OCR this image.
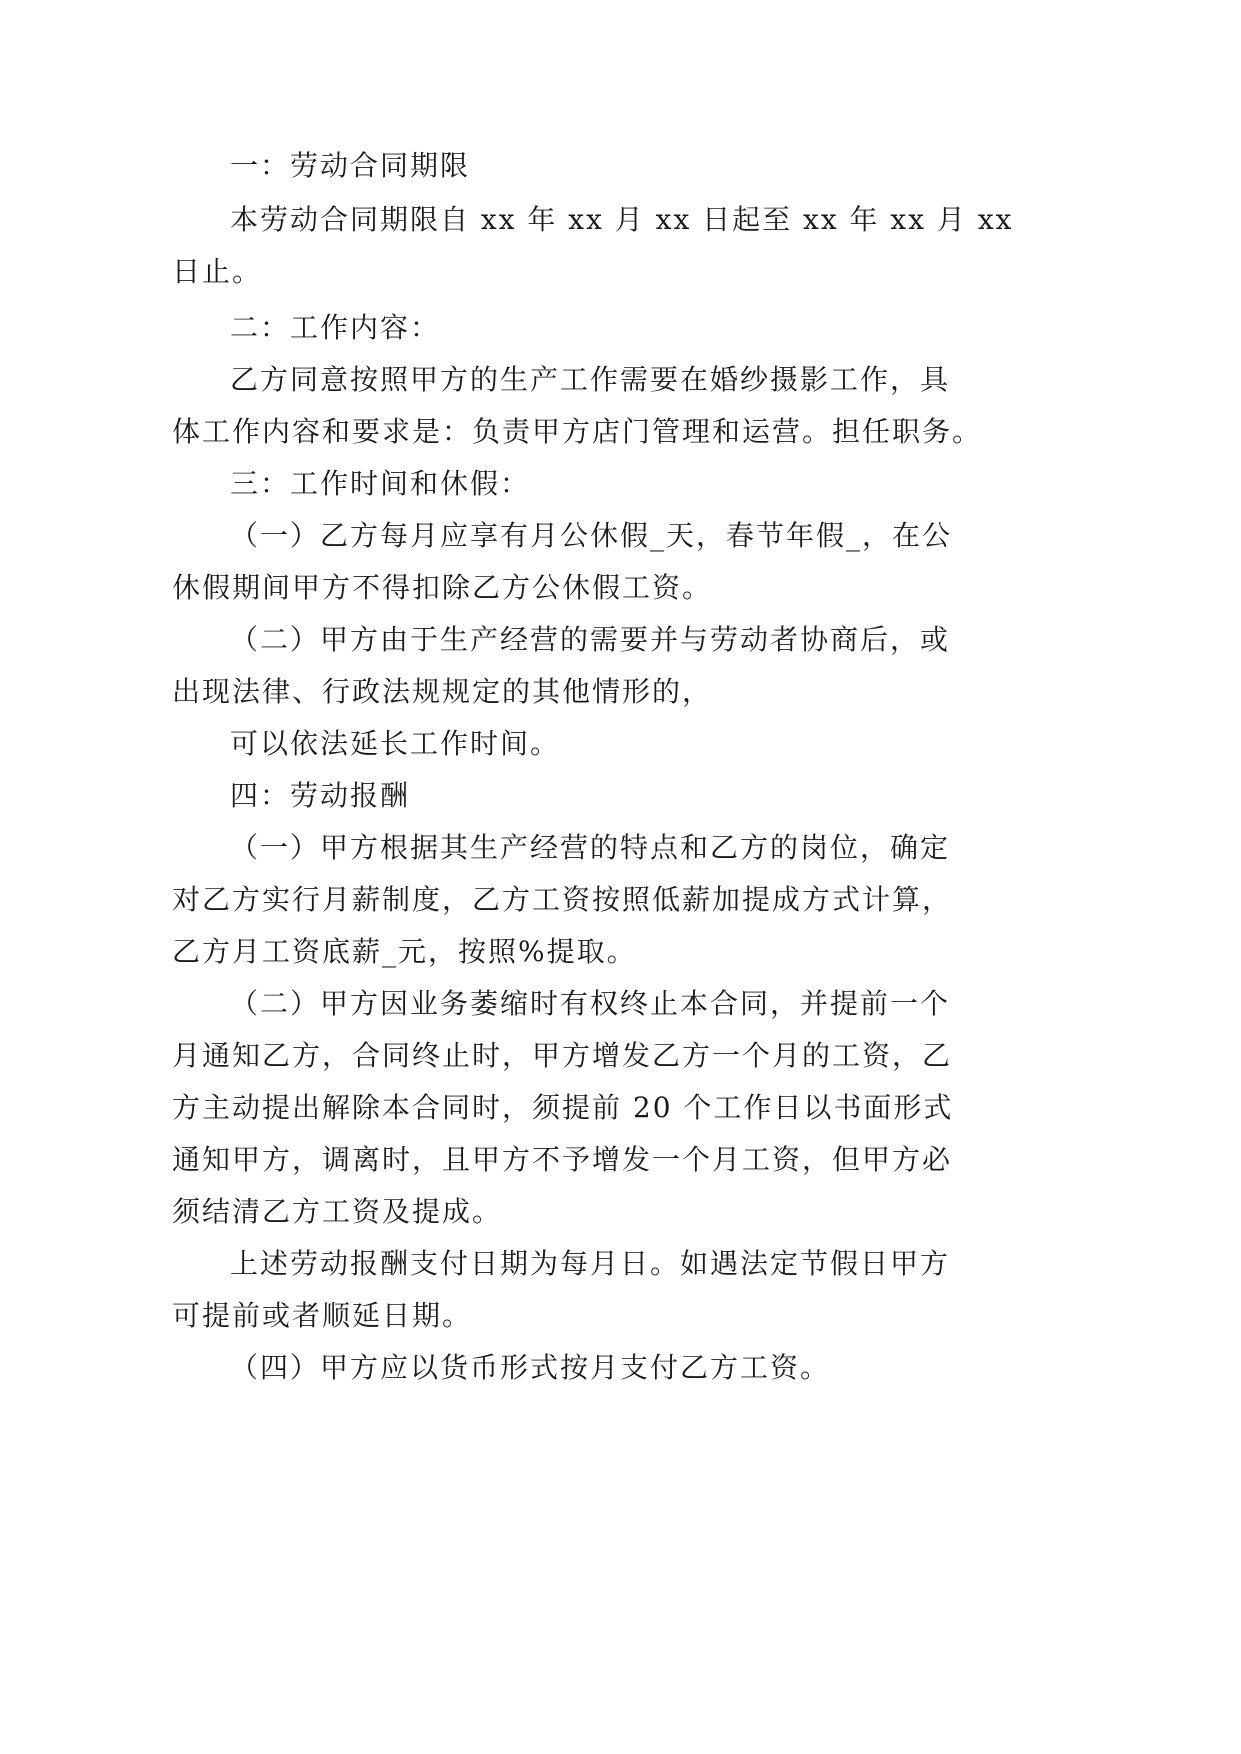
一：劳动合同期限
本劳动合同期限自 xx 年 xx 月 xx 日起至 xx 年 xx 月 xx
日止。
二：工作内容：
乙方同意按照甲方的生产工作需要在婚纱摄影工作，具
体工作内容和要求是：负责甲方店门管理和运营。担任职务。
三：工作时间和休假：
（一）乙方每月应享有月公休假_天，春节年假_，在公
休假期间甲方不得扣除乙方公休假工资。
（二）甲方由于生产经营的需要并与劳动者协商后，或
出现法律、行政法规规定的其他情形的，
可以依法延长工作时间。
四：劳动报酬
（一）甲方根据其生产经营的特点和乙方的岗位，确定
对乙方实行月薪制度，乙方工资按照低薪加提成方式计算，
乙方月工资底薪_元，按照%提取。
（二）甲方因业务萎缩时有权终止本合同，并提前一个
月通知乙方，合同终止时，甲方增发乙方一个月的工资，乙
方主动提出解除本合同时，须提前 20 个工作日以书面形式
通知甲方，调离时，且甲方不予增发一个月工资，但甲方必
须结清乙方工资及提成。
上述劳动报酬支付日期为每月日。如遇法定节假日甲方
可提前或者顺延日期。
（四）甲方应以货币形式按月支付乙方工资。
